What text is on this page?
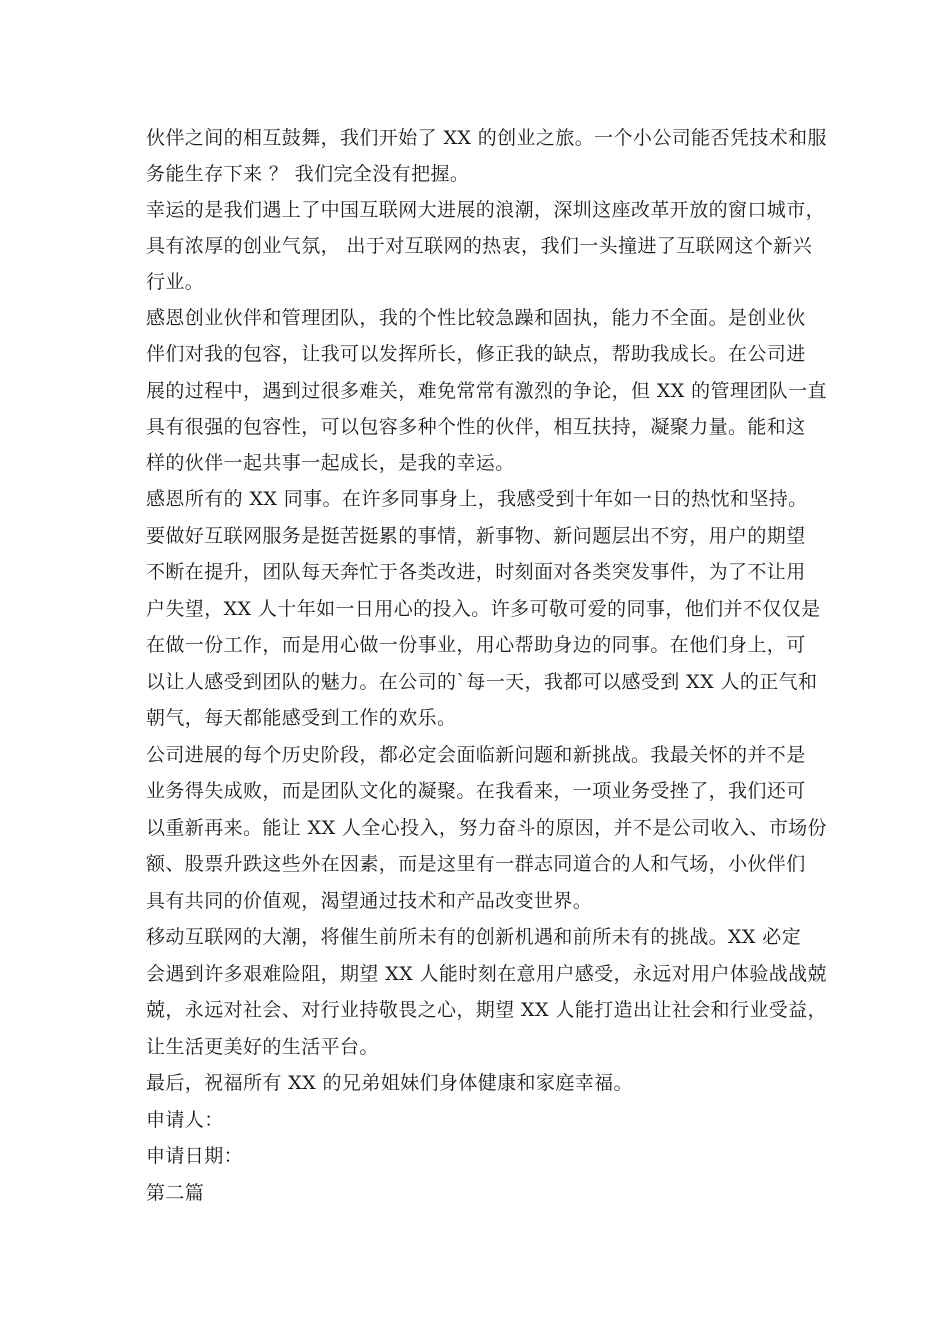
伙伴之间的相互鼓舞，我们开始了 XX 的创业之旅。一个小公司能否凭技术和服
务能生存下来 ？ 我们完全没有把握。
幸运的是我们遇上了中国互联网大进展的浪潮，深圳这座改革开放的窗口城市，
具有浓厚的创业气氛， 出于对互联网的热衷，我们一头撞进了互联网这个新兴
行业。
感恩创业伙伴和管理团队，我的个性比较急躁和固执，能力不全面。是创业伙
伴们对我的包容，让我可以发挥所长，修正我的缺点，帮助我成长。在公司进
展的过程中，遇到过很多难关，难免常常有激烈的争论，但 XX 的管理团队一直
具有很强的包容性，可以包容多种个性的伙伴，相互扶持，凝聚力量。能和这
样的伙伴一起共事一起成长，是我的幸运。
感恩所有的 XX 同事。在许多同事身上，我感受到十年如一日的热忱和坚持。
要做好互联网服务是挺苦挺累的事情，新事物、新问题层出不穷，用户的期望
不断在提升，团队每天奔忙于各类改进，时刻面对各类突发事件，为了不让用
户失望，XX 人十年如一日用心的投入。许多可敬可爱的同事，他们并不仅仅是
在做一份工作，而是用心做一份事业，用心帮助身边的同事。在他们身上，可
以让人感受到团队的魅力。在公司的`每一天，我都可以感受到 XX 人的正气和
朝气，每天都能感受到工作的欢乐。
公司进展的每个历史阶段，都必定会面临新问题和新挑战。我最关怀的并不是
业务得失成败，而是团队文化的凝聚。在我看来，一项业务受挫了，我们还可
以重新再来。能让 XX 人全心投入，努力奋斗的原因，并不是公司收入、市场份
额、股票升跌这些外在因素，而是这里有一群志同道合的人和气场，小伙伴们
具有共同的价值观，渴望通过技术和产品改变世界。
移动互联网的大潮，将催生前所未有的创新机遇和前所未有的挑战。XX 必定
会遇到许多艰难险阻，期望 XX 人能时刻在意用户感受，永远对用户体验战战兢
兢，永远对社会、对行业持敬畏之心，期望 XX 人能打造出让社会和行业受益，
让生活更美好的生活平台。
最后，祝福所有 XX 的兄弟姐妹们身体健康和家庭幸福。
申请人：
申请日期：
第二篇
